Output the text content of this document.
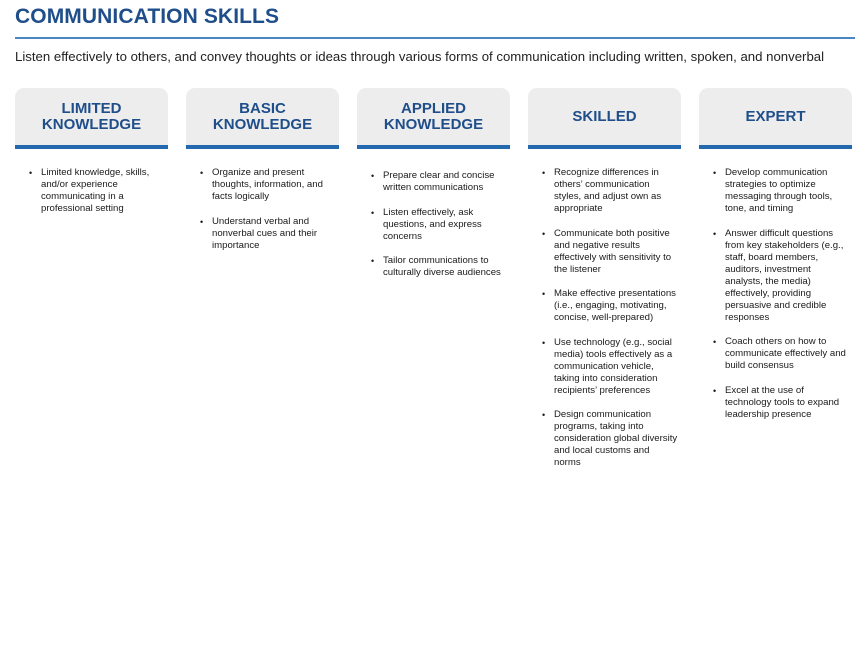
COMMUNICATION SKILLS
Listen effectively to others, and convey thoughts or ideas through various forms of communication including written, spoken, and nonverbal
LIMITED
KNOWLEDGE
• Limited knowledge, skills, and/or experience communicating in a professional setting
BASIC
KNOWLEDGE
• Organize and present thoughts, information, and facts logically
• Understand verbal and nonverbal cues and their importance
APPLIED
KNOWLEDGE
• Prepare clear and concise written communications
• Listen effectively, ask questions, and express concerns
• Tailor communications to culturally diverse audiences
SKILLED
• Recognize differences in others’ communication styles, and adjust own as appropriate
• Communicate both positive and negative results effectively with sensitivity to the listener
• Make effective presentations (i.e., engaging, motivating, concise, well-prepared)
• Use technology (e.g., social media) tools effectively as a communication vehicle, taking into consideration recipients’ preferences
• Design communication programs, taking into consideration global diversity and local customs and norms
EXPERT
• Develop communication strategies to optimize messaging through tools, tone, and timing
• Answer difficult questions from key stakeholders (e.g., staff, board members, auditors, investment analysts, the media) effectively, providing persuasive and credible responses
• Coach others on how to communicate effectively and build consensus
• Excel at the use of technology tools to expand leadership presence
